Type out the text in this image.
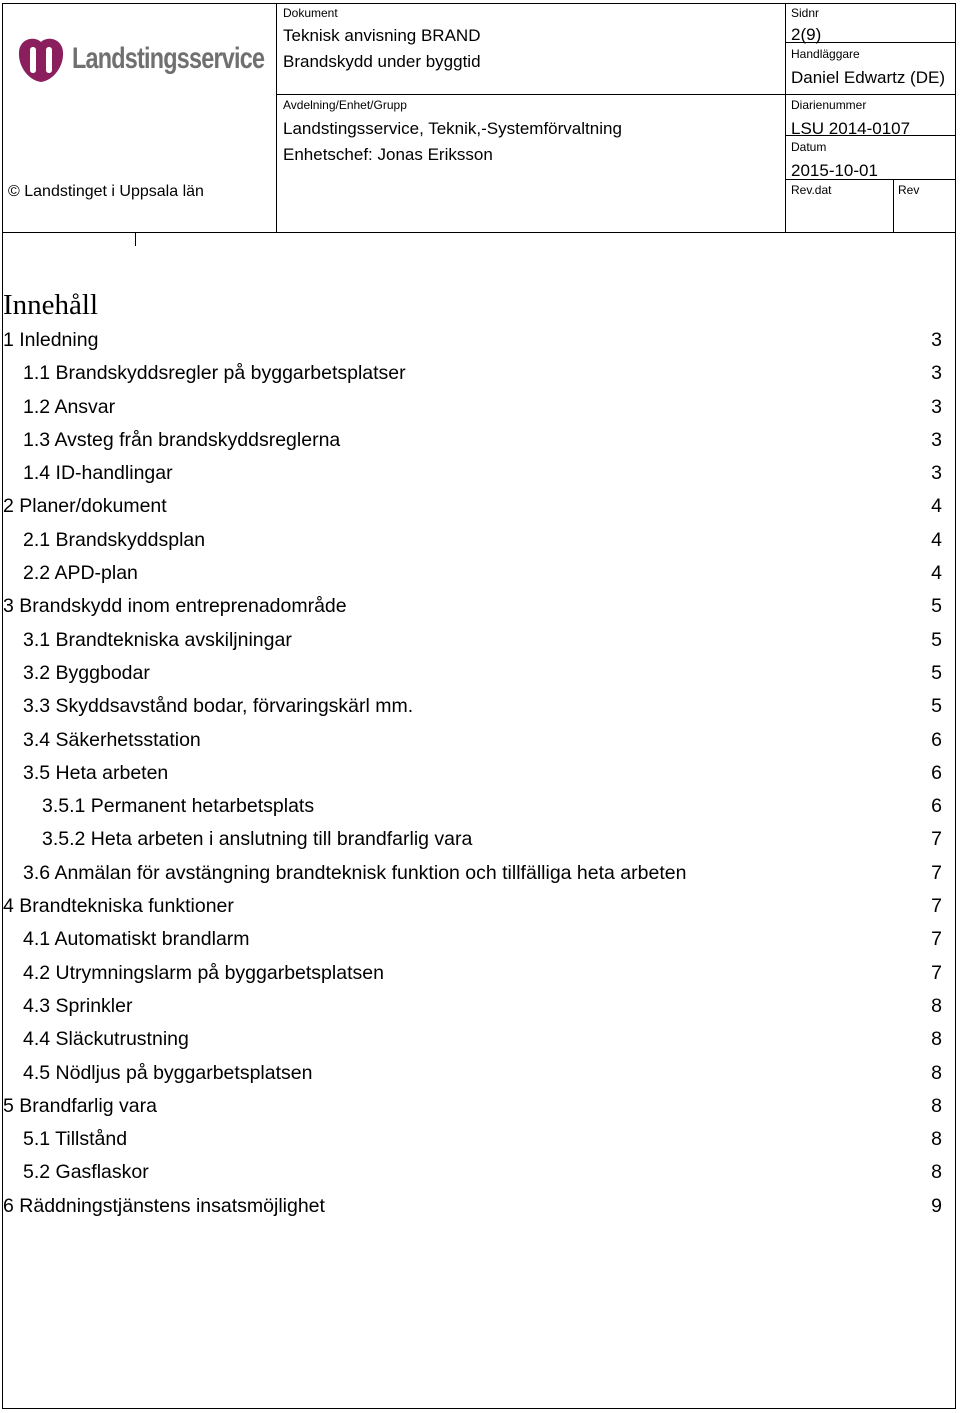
Landstingsservice
© Landstinget i Uppsala län
Dokument
Teknisk anvisning BRAND
Brandskydd under byggtid
Avdelning/Enhet/Grupp
Landstingsservice, Teknik,-Systemförvaltning
Enhetschef: Jonas Eriksson
Sidnr
2(9)
Handläggare
Daniel Edwartz (DE)
Diarienummer
LSU 2014-0107
Datum
2015-10-01
Rev.dat	Rev
Innehåll
1 Inledning	3
1.1 Brandskyddsregler på byggarbetsplatser	3
1.2 Ansvar	3
1.3 Avsteg från brandskyddsreglerna	3
1.4 ID-handlingar	3
2 Planer/dokument	4
2.1 Brandskyddsplan	4
2.2 APD-plan	4
3 Brandskydd inom entreprenadområde	5
3.1 Brandtekniska avskiljningar	5
3.2 Byggbodar	5
3.3 Skyddsavstånd bodar, förvaringskärl mm.	5
3.4 Säkerhetsstation	6
3.5 Heta arbeten	6
3.5.1 Permanent hetarbetsplats	6
3.5.2 Heta arbeten i anslutning till brandfarlig vara	7
3.6 Anmälan för avstängning brandteknisk funktion och tillfälliga heta arbeten	7
4 Brandtekniska funktioner	7
4.1 Automatiskt brandlarm	7
4.2 Utrymningslarm på byggarbetsplatsen	7
4.3 Sprinkler	8
4.4 Släckutrustning	8
4.5 Nödljus på byggarbetsplatsen	8
5 Brandfarlig vara	8
5.1 Tillstånd	8
5.2 Gasflaskor	8
6 Räddningstjänstens insatsmöjlighet	9
